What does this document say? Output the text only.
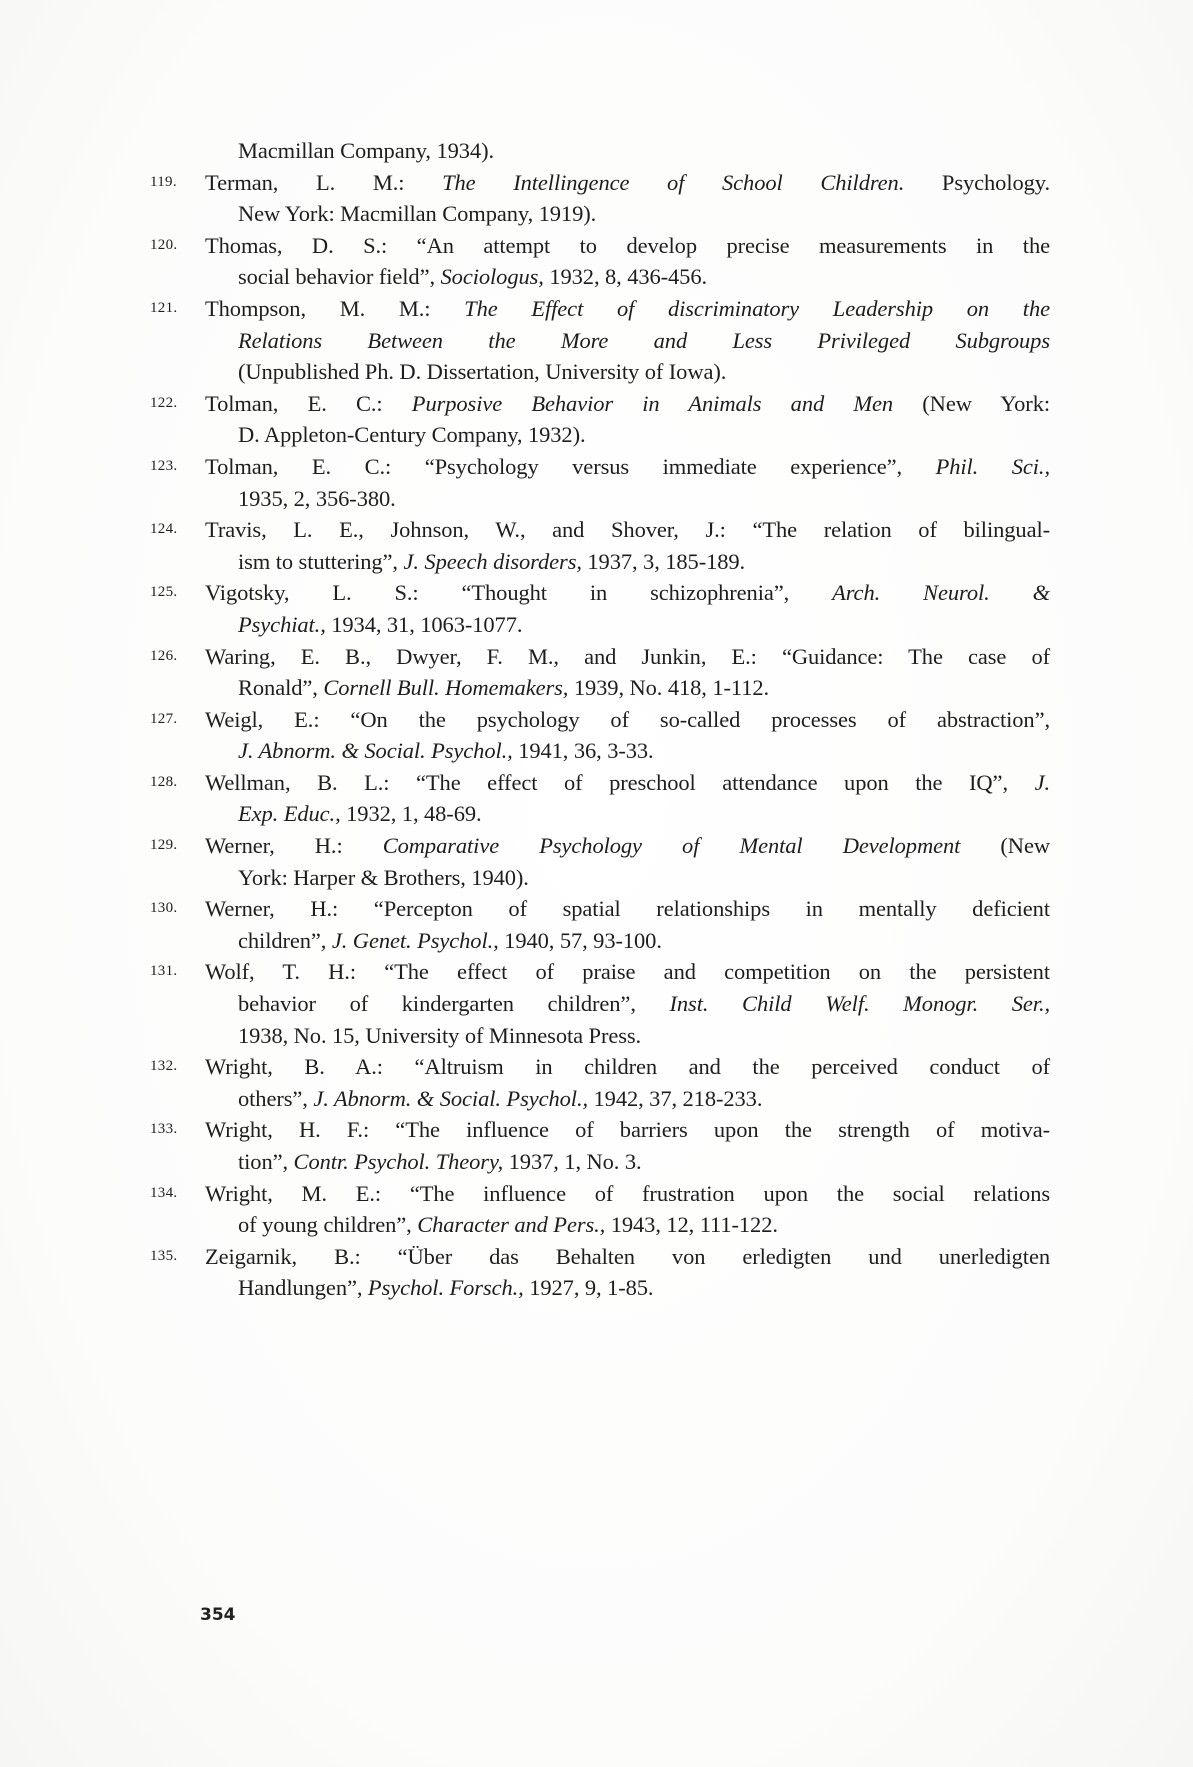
Macmillan Company, 1934).
119. Terman, L. M.: The Intellingence of School Children. Psychology.
New York: Macmillan Company, 1919).
120. Thomas, D. S.: “An attempt to develop precise measurements in the
social behavior field”, Sociologus, 1932, 8, 436-456.
121. Thompson, M. M.: The Effect of discriminatory Leadership on the
Relations Between the More and Less Privileged Subgroups
(Unpublished Ph. D. Dissertation, University of Iowa).
122. Tolman, E. C.: Purposive Behavior in Animals and Men (New York:
D. Appleton-Century Company, 1932).
123. Tolman, E. C.: “Psychology versus immediate experience”, Phil. Sci.,
1935, 2, 356-380.
124. Travis, L. E., Johnson, W., and Shover, J.: “The relation of bilingual-
ism to stuttering”, J. Speech disorders, 1937, 3, 185-189.
125. Vigotsky, L. S.: “Thought in schizophrenia”, Arch. Neurol. &
Psychiat., 1934, 31, 1063-1077.
126. Waring, E. B., Dwyer, F. M., and Junkin, E.: “Guidance: The case of
Ronald”, Cornell Bull. Homemakers, 1939, No. 418, 1-112.
127. Weigl, E.: “On the psychology of so-called processes of abstraction”,
J. Abnorm. & Social. Psychol., 1941, 36, 3-33.
128. Wellman, B. L.: “The effect of preschool attendance upon the IQ”, J.
Exp. Educ., 1932, 1, 48-69.
129. Werner, H.: Comparative Psychology of Mental Development (New
York: Harper & Brothers, 1940).
130. Werner, H.: “Percepton of spatial relationships in mentally deficient
children”, J. Genet. Psychol., 1940, 57, 93-100.
131. Wolf, T. H.: “The effect of praise and competition on the persistent
behavior of kindergarten children”, Inst. Child Welf. Monogr. Ser.,
1938, No. 15, University of Minnesota Press.
132. Wright, B. A.: “Altruism in children and the perceived conduct of
others”, J. Abnorm. & Social. Psychol., 1942, 37, 218-233.
133. Wright, H. F.: “The influence of barriers upon the strength of motiva-
tion”, Contr. Psychol. Theory, 1937, 1, No. 3.
134. Wright, M. E.: “The influence of frustration upon the social relations
of young children”, Character and Pers., 1943, 12, 111-122.
135. Zeigarnik, B.: “Über das Behalten von erledigten und unerledigten
Handlungen”, Psychol. Forsch., 1927, 9, 1-85.
354
